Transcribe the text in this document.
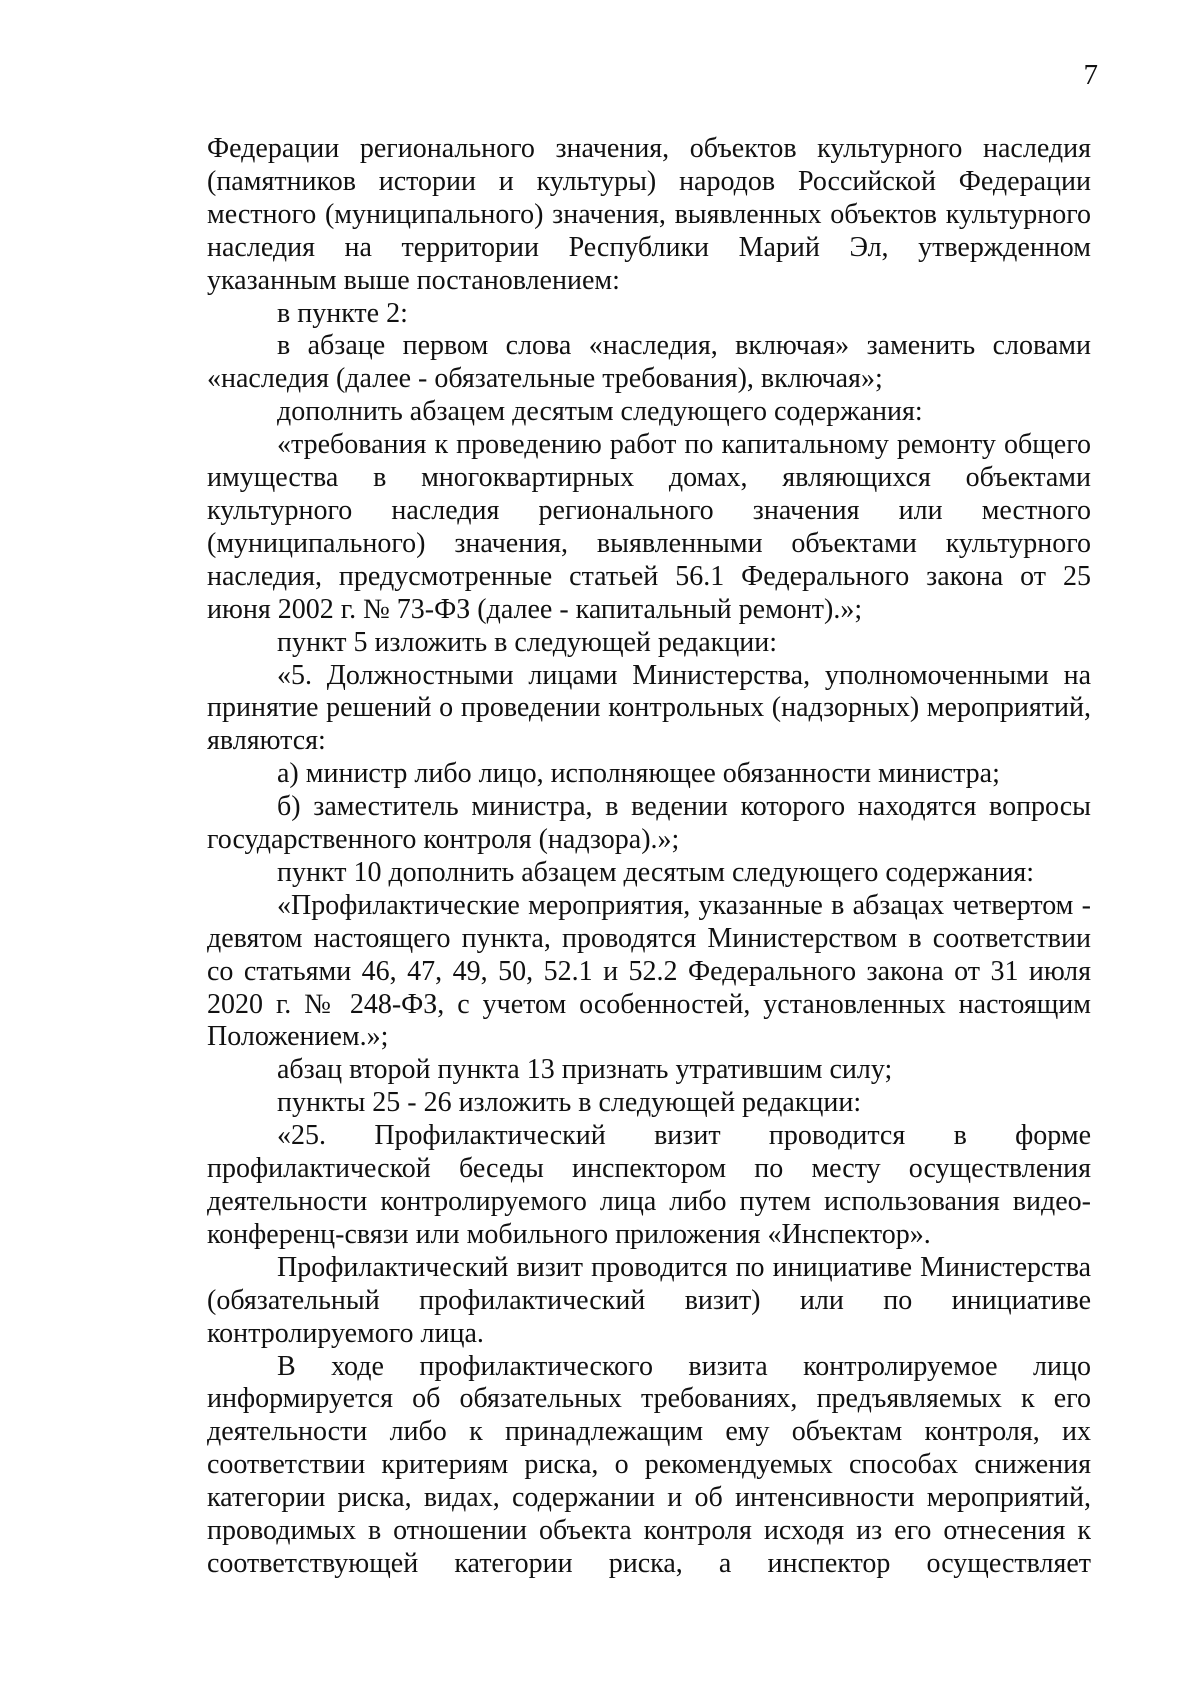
7

Федерации регионального значения, объектов культурного наследия (памятников истории и культуры) народов Российской Федерации местного (муниципального) значения, выявленных объектов культурного наследия на территории Республики Марий Эл, утвержденном указанным выше постановлением:

в пункте 2:

в абзаце первом слова «наследия, включая» заменить словами «наследия (далее - обязательные требования), включая»;

дополнить абзацем десятым следующего содержания:

«требования к проведению работ по капитальному ремонту общего имущества в многоквартирных домах, являющихся объектами культурного наследия регионального значения или местного (муниципального) значения, выявленными объектами культурного наследия, предусмотренные статьей 56.1 Федерального закона от 25 июня 2002 г. № 73-ФЗ (далее - капитальный ремонт).»;

пункт 5 изложить в следующей редакции:

«5. Должностными лицами Министерства, уполномоченными на принятие решений о проведении контрольных (надзорных) мероприятий, являются:

а) министр либо лицо, исполняющее обязанности министра;

б) заместитель министра, в ведении которого находятся вопросы государственного контроля (надзора).»;

пункт 10 дополнить абзацем десятым следующего содержания:

«Профилактические мероприятия, указанные в абзацах четвертом - девятом настоящего пункта, проводятся Министерством в соответствии со статьями 46, 47, 49, 50, 52.1 и 52.2 Федерального закона от 31 июля 2020 г. № 248-ФЗ, с учетом особенностей, установленных настоящим Положением.»;

абзац второй пункта 13 признать утратившим силу;

пункты 25 - 26 изложить в следующей редакции:

«25. Профилактический визит проводится в форме профилактической беседы инспектором по месту осуществления деятельности контролируемого лица либо путем использования видео-конференц-связи или мобильного приложения «Инспектор».

Профилактический визит проводится по инициативе Министерства (обязательный профилактический визит) или по инициативе контролируемого лица.

В ходе профилактического визита контролируемое лицо информируется об обязательных требованиях, предъявляемых к его деятельности либо к принадлежащим ему объектам контроля, их соответствии критериям риска, о рекомендуемых способах снижения категории риска, видах, содержании и об интенсивности мероприятий, проводимых в отношении объекта контроля исходя из его отнесения к соответствующей категории риска, а инспектор осуществляет
